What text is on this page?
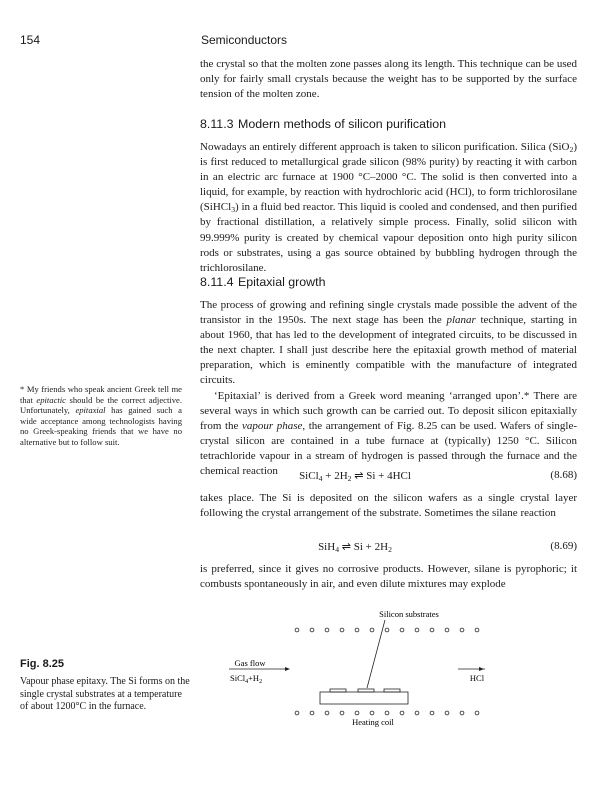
154	Semiconductors

the crystal so that the molten zone passes along its length. This technique can be used only for fairly small crystals because the weight has to be supported by the surface tension of the molten zone.

8.11.3 Modern methods of silicon purification

Nowadays an entirely different approach is taken to silicon purification. Silica (SiO$_2$) is first reduced to metallurgical grade silicon (98% purity) by reacting it with carbon in an electric arc furnace at 1900 °C–2000 °C. The solid is then converted into a liquid, for example, by reaction with hydrochloric acid (HCl), to form trichlorosilane (SiHCl$_3$) in a fluid bed reactor. This liquid is cooled and condensed, and then purified by fractional distillation, a relatively simple process. Finally, solid silicon with 99.999% purity is created by chemical vapour deposition onto high purity silicon rods or substrates, using a gas source obtained by bubbling hydrogen through the trichlorosilane.

8.11.4 Epitaxial growth

The process of growing and refining single crystals made possible the advent of the transistor in the 1950s. The next stage has been the planar technique, starting in about 1960, that has led to the development of integrated circuits, to be discussed in the next chapter. I shall just describe here the epitaxial growth method of material preparation, which is eminently compatible with the manufacture of integrated circuits.

‘Epitaxial’ is derived from a Greek word meaning ‘arranged upon’.* There are several ways in which such growth can be carried out. To deposit silicon epitaxially from the vapour phase, the arrangement of Fig. 8.25 can be used. Wafers of single-crystal silicon are contained in a tube furnace at (typically) 1250 °C. Silicon tetrachloride vapour in a stream of hydrogen is passed through the furnace and the chemical reaction	SiCl$_4$ + $2H_2$ ⇌ Si + 4HCl	(8.68)

takes place. The Si is deposited on the silicon wafers as a single crystal layer following the crystal arrangement of the substrate. Sometimes the silane reaction

SiH$_4$ ⇌ $Si + 2H_2$	(8.69)

is preferred, since it gives no corrosive products. However, silane is pyrophoric; it combusts spontaneously in air, and even dilute mixtures may explode

* My friends who speak ancient Greek tell me that epitactic should be the correct adjective. Unfortunately, epitaxial has gained such a wide acceptance among technologists having no Greek-speaking friends that we have no alternative but to follow suit.
Fig. 8.25
Vapour phase epitaxy. The Si forms on the single crystal substrates at a temperature of about 1200°C in the furnace.
Silicon substrates
Gas flow
$SiCl_4+H_2$	HCl
Heating coil
